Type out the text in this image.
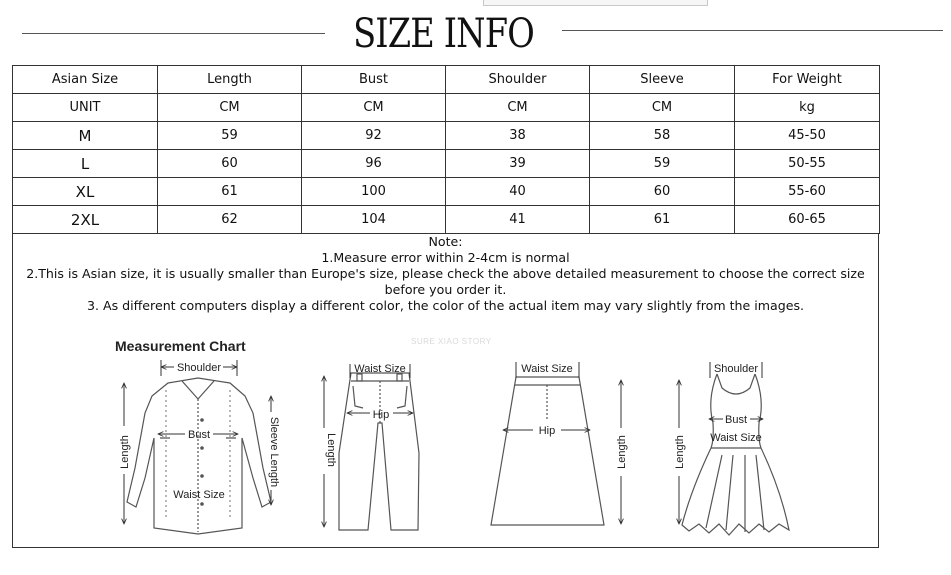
SIZE INFO
Asian Size	Length	Bust	Shoulder	Sleeve	For Weight
UNIT	CM	CM	CM	CM	kg
M	59	92	38	58	45-50
L	60	96	39	59	50-55
XL	61	100	40	60	55-60
2XL	62	104	41	61	60-65
Note:
1.Measure error within 2-4cm is normal
2.This is Asian size, it is usually smaller than Europe's size, please check the above detailed measurement to choose the correct size before you order it.
3. As different computers display a different color, the color of the actual item may vary slightly from the images.
Measurement Chart	SURE XIAO STORY
Shoulder
Bust
Waist Size
Length	Sleeve Length
Waist Size
Hip
Length
Waist Size
Hip
Length
Shoulder
Bust
Waist Size
Length
